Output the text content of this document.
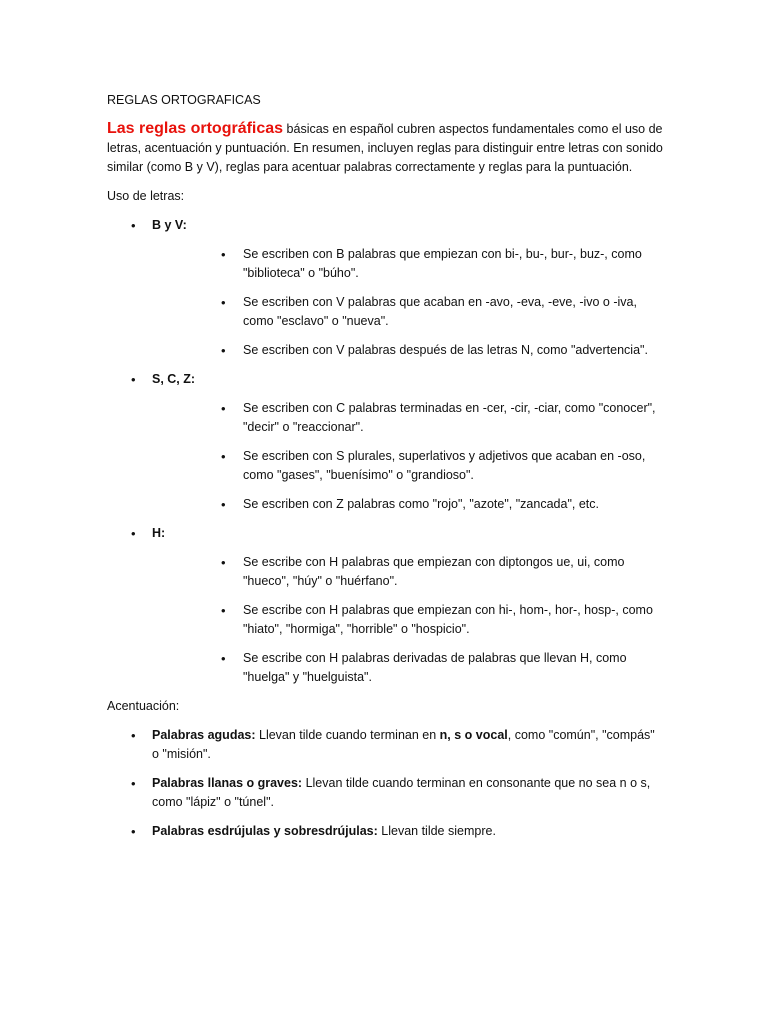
REGLAS ORTOGRAFICAS

Las reglas ortográficas básicas en español cubren aspectos fundamentales como el uso de letras, acentuación y puntuación. En resumen, incluyen reglas para distinguir entre letras con sonido similar (como B y V), reglas para acentuar palabras correctamente y reglas para la puntuación.

Uso de letras:

• B y V:
• Se escriben con B palabras que empiezan con bi-, bu-, bur-, buz-, como "biblioteca" o "búho".
• Se escriben con V palabras que acaban en -avo, -eva, -eve, -ivo o -iva, como "esclavo" o "nueva".
• Se escriben con V palabras después de las letras N, como "advertencia".
• S, C, Z:
• Se escriben con C palabras terminadas en -cer, -cir, -ciar, como "conocer", "decir" o "reaccionar".
• Se escriben con S plurales, superlativos y adjetivos que acaban en -oso, como "gases", "buenísimo" o "grandioso".
• Se escriben con Z palabras como "rojo", "azote", "zancada", etc.
• H:
• Se escribe con H palabras que empiezan con diptongos ue, ui, como "hueco", "húy" o "huérfano".
• Se escribe con H palabras que empiezan con hi-, hom-, hor-, hosp-, como "hiato", "hormiga", "horrible" o "hospicio".
• Se escribe con H palabras derivadas de palabras que llevan H, como "huelga" y "huelguista".

Acentuación:

• Palabras agudas: Llevan tilde cuando terminan en n, s o vocal, como "común", "compás" o "misión".
• Palabras llanas o graves: Llevan tilde cuando terminan en consonante que no sea n o s, como "lápiz" o "túnel".
• Palabras esdrújulas y sobresdrújulas: Llevan tilde siempre.
